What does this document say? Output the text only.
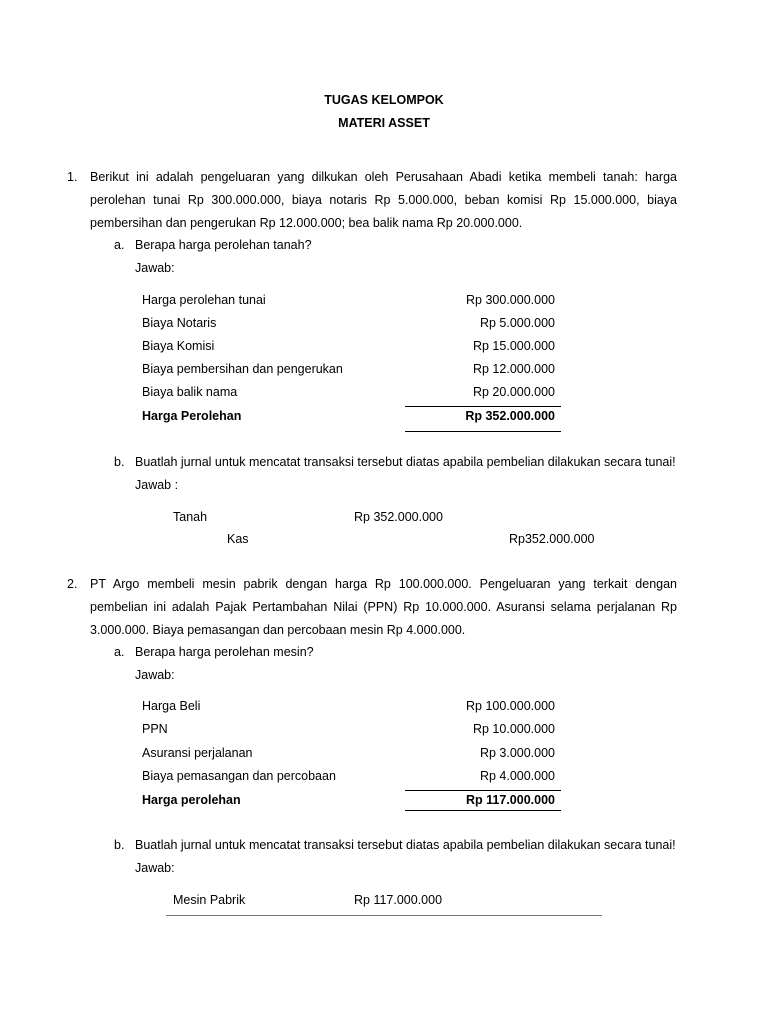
TUGAS KELOMPOK
MATERI ASSET
1. Berikut ini adalah pengeluaran yang dilkukan oleh Perusahaan Abadi ketika membeli tanah: harga perolehan tunai Rp 300.000.000, biaya notaris Rp 5.000.000, beban komisi Rp 15.000.000, biaya pembersihan dan pengerukan Rp 12.000.000; bea balik nama Rp 20.000.000.
a. Berapa harga perolehan tanah?
Jawab:
Harga perolehan tunai	Rp 300.000.000
Biaya Notaris	Rp 5.000.000
Biaya Komisi	Rp 15.000.000
Biaya pembersihan dan pengerukan	Rp 12.000.000
Biaya balik nama	Rp 20.000.000
Harga Perolehan	Rp 352.000.000
b. Buatlah jurnal untuk mencatat transaksi tersebut diatas apabila pembelian dilakukan secara tunai!
Jawab :
Tanah	Rp 352.000.000
Kas	Rp352.000.000
2. PT Argo membeli mesin pabrik dengan harga Rp 100.000.000. Pengeluaran yang terkait dengan pembelian ini adalah Pajak Pertambahan Nilai (PPN) Rp 10.000.000. Asuransi selama perjalanan Rp 3.000.000. Biaya pemasangan dan percobaan mesin Rp 4.000.000.
a. Berapa harga perolehan mesin?
Jawab:
Harga Beli	Rp 100.000.000
PPN	Rp 10.000.000
Asuransi perjalanan	Rp 3.000.000
Biaya pemasangan dan percobaan	Rp 4.000.000
Harga perolehan	Rp 117.000.000
b. Buatlah jurnal untuk mencatat transaksi tersebut diatas apabila pembelian dilakukan secara tunai!
Jawab:
Mesin Pabrik	Rp 117.000.000
